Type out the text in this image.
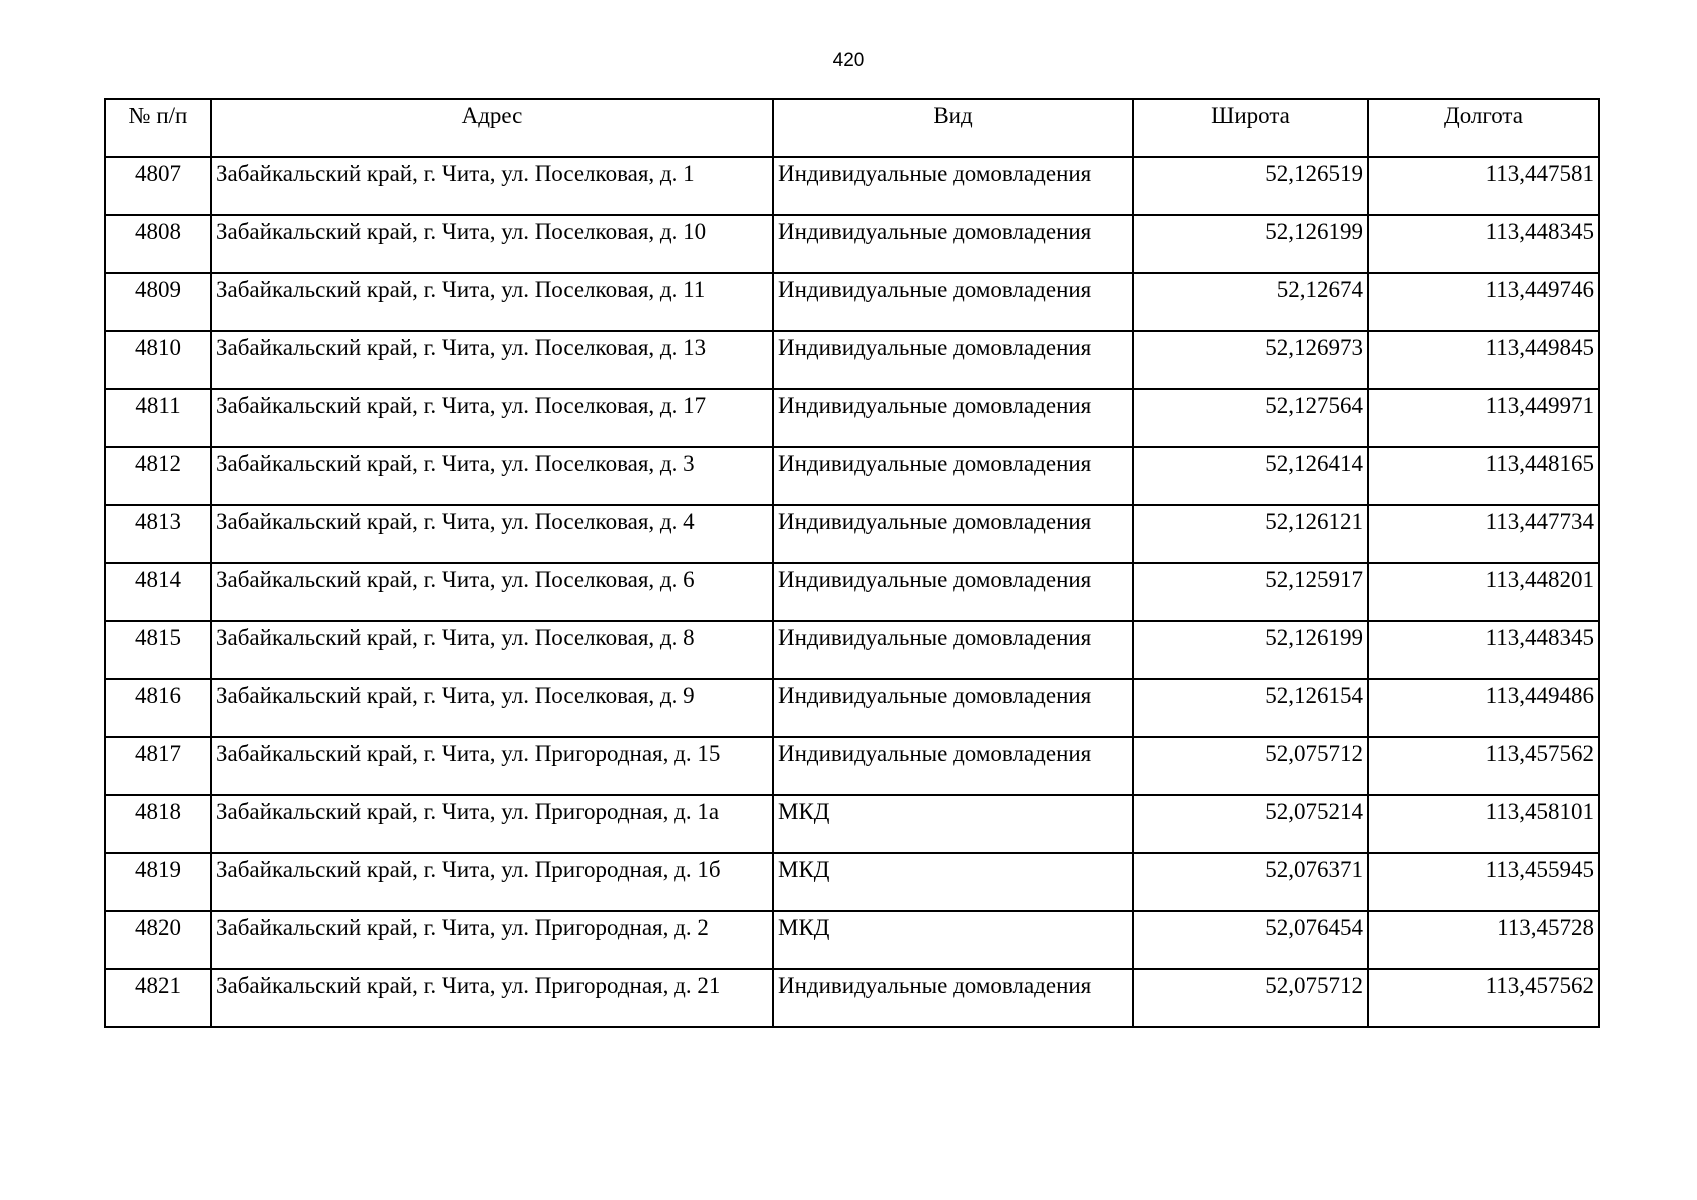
420
№ п/п	Адрес	Вид	Широта	Долгота
4807	Забайкальский край, г. Чита, ул. Поселковая, д. 1	Индивидуальные домовладения	52,126519	113,447581
4808	Забайкальский край, г. Чита, ул. Поселковая, д. 10	Индивидуальные домовладения	52,126199	113,448345
4809	Забайкальский край, г. Чита, ул. Поселковая, д. 11	Индивидуальные домовладения	52,12674	113,449746
4810	Забайкальский край, г. Чита, ул. Поселковая, д. 13	Индивидуальные домовладения	52,126973	113,449845
4811	Забайкальский край, г. Чита, ул. Поселковая, д. 17	Индивидуальные домовладения	52,127564	113,449971
4812	Забайкальский край, г. Чита, ул. Поселковая, д. 3	Индивидуальные домовладения	52,126414	113,448165
4813	Забайкальский край, г. Чита, ул. Поселковая, д. 4	Индивидуальные домовладения	52,126121	113,447734
4814	Забайкальский край, г. Чита, ул. Поселковая, д. 6	Индивидуальные домовладения	52,125917	113,448201
4815	Забайкальский край, г. Чита, ул. Поселковая, д. 8	Индивидуальные домовладения	52,126199	113,448345
4816	Забайкальский край, г. Чита, ул. Поселковая, д. 9	Индивидуальные домовладения	52,126154	113,449486
4817	Забайкальский край, г. Чита, ул. Пригородная, д. 15	Индивидуальные домовладения	52,075712	113,457562
4818	Забайкальский край, г. Чита, ул. Пригородная, д. 1а	МКД	52,075214	113,458101
4819	Забайкальский край, г. Чита, ул. Пригородная, д. 1б	МКД	52,076371	113,455945
4820	Забайкальский край, г. Чита, ул. Пригородная, д. 2	МКД	52,076454	113,45728
4821	Забайкальский край, г. Чита, ул. Пригородная, д. 21	Индивидуальные домовладения	52,075712	113,457562
